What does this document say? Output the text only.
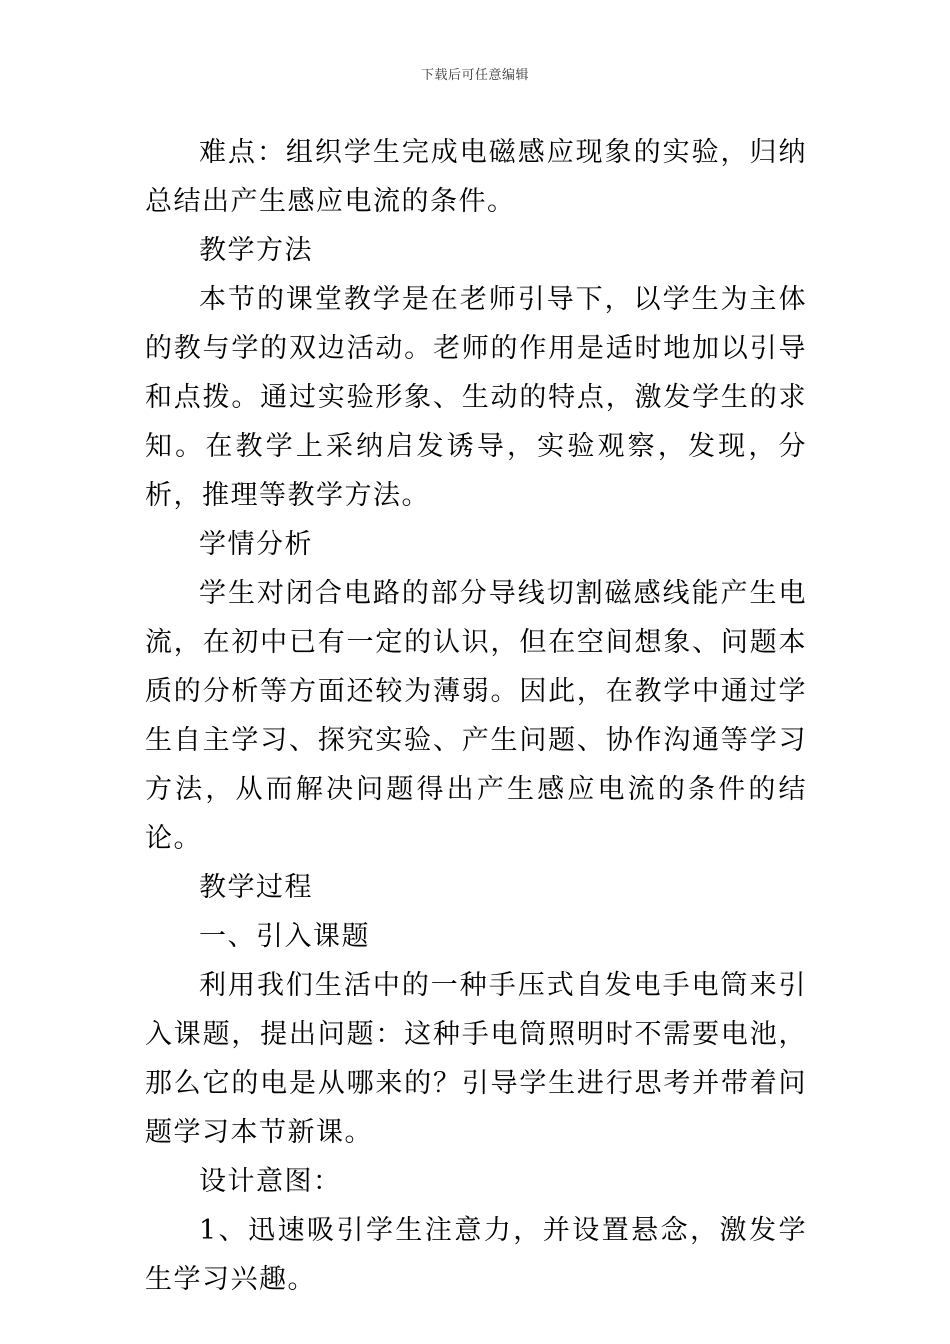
下载后可任意编辑

难点：组织学生完成电磁感应现象的实验，归纳总结出产生感应电流的条件。

教学方法

本节的课堂教学是在老师引导下，以学生为主体的教与学的双边活动。老师的作用是适时地加以引导和点拨。通过实验形象、生动的特点，激发学生的求知。在教学上采纳启发诱导，实验观察，发现，分析，推理等教学方法。

学情分析

学生对闭合电路的部分导线切割磁感线能产生电流，在初中已有一定的认识，但在空间想象、问题本质的分析等方面还较为薄弱。因此，在教学中通过学生自主学习、探究实验、产生问题、协作沟通等学习方法，从而解决问题得出产生感应电流的条件的结论。

教学过程

一、引入课题

利用我们生活中的一种手压式自发电手电筒来引入课题，提出问题：这种手电筒照明时不需要电池，那么它的电是从哪来的？引导学生进行思考并带着问题学习本节新课。

设计意图：

1、迅速吸引学生注意力，并设置悬念，激发学生学习兴趣。
